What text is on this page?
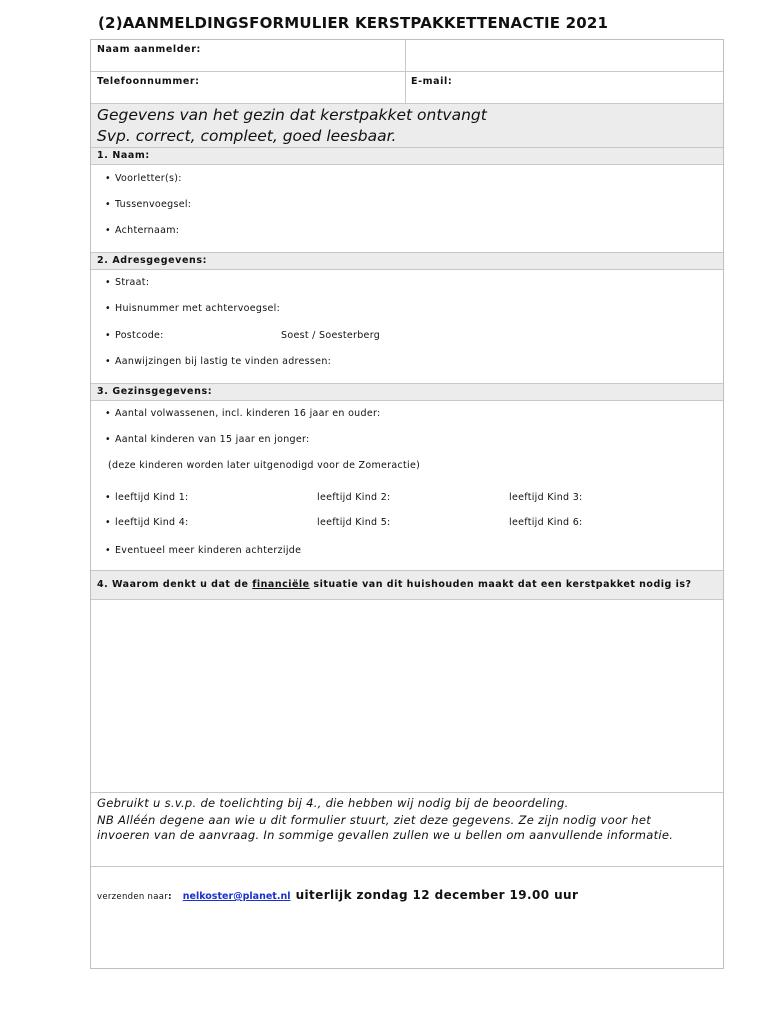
(2)AANMELDINGSFORMULIER KERSTPAKKETTENACTIE 2021
Naam aanmelder:
Telefoonnummer:	E-mail:
Gegevens van het gezin dat kerstpakket ontvangt
Svp. correct, compleet, goed leesbaar.
1. Naam:
• Voorletter(s):
• Tussenvoegsel:
• Achternaam:
2. Adresgegevens:
• Straat:
• Huisnummer met achtervoegsel:
• Postcode:	Soest / Soesterberg
• Aanwijzingen bij lastig te vinden adressen:
3. Gezinsgegevens:
• Aantal volwassenen, incl. kinderen 16 jaar en ouder:
• Aantal kinderen van 15 jaar en jonger:
(deze kinderen worden later uitgenodigd voor de Zomeractie)
• leeftijd Kind 1:	leeftijd Kind 2:	leeftijd Kind 3:
• leeftijd Kind 4:	leeftijd Kind 5:	leeftijd Kind 6:
• Eventueel meer kinderen achterzijde
4. Waarom denkt u dat de financiële situatie van dit huishouden maakt dat een kerstpakket nodig is?
Gebruikt u s.v.p. de toelichting bij 4., die hebben wij nodig bij de beoordeling.
NB Alléén degene aan wie u dit formulier stuurt, ziet deze gegevens. Ze zijn nodig voor het
invoeren van de aanvraag. In sommige gevallen zullen we u bellen om aanvullende informatie.
verzenden naar: nelkoster@planet.nl uiterlijk zondag 12 december 19.00 uur
